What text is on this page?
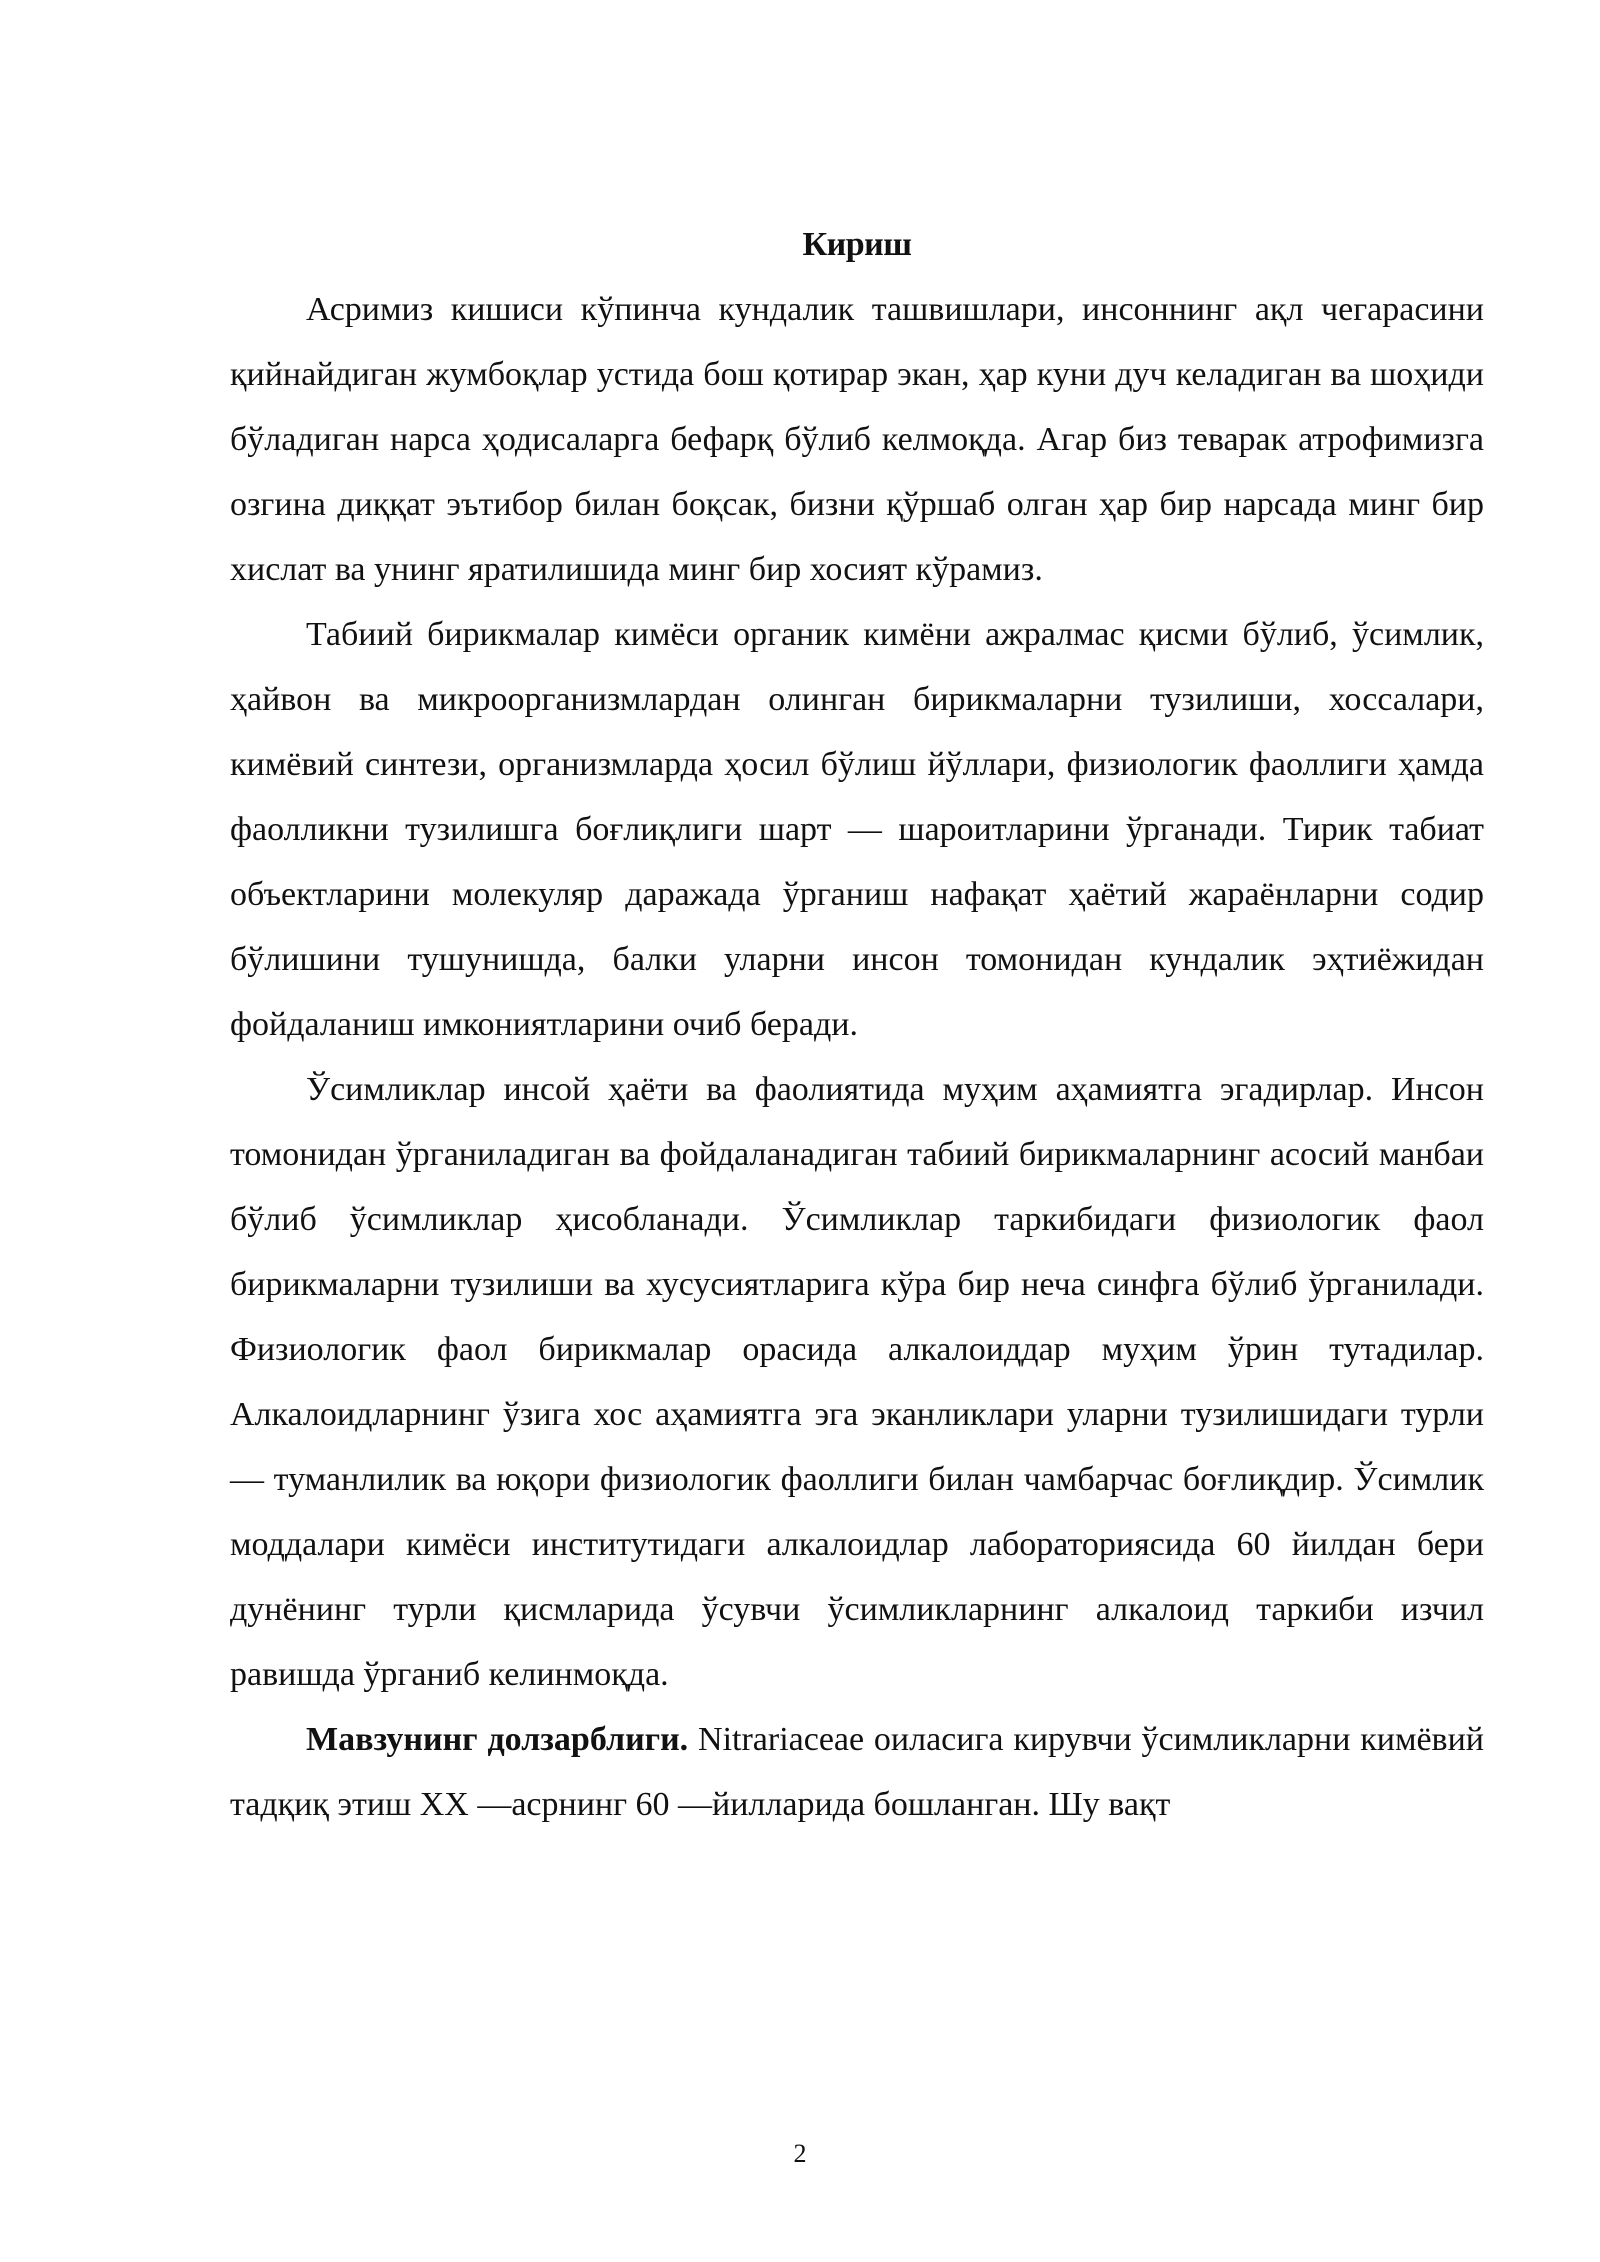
Кириш

Асримиз кишиси кўпинча кундалик ташвишлари, инсоннинг ақл чегарасини қийнайдиган жумбоқлар устида бош қотирар экан, ҳар куни дуч келадиган ва шоҳиди бўладиган нарса ҳодисаларга бефарқ бўлиб келмоқда. Агар биз теварак атрофимизга озгина диққат эътибор билан боқсак, бизни қўршаб олган ҳар бир нарсада минг бир хислат ва унинг яратилишида минг бир хосият кўрамиз.

Табиий бирикмалар кимёси органик кимёни ажралмас қисми бўлиб, ўсимлик, ҳайвон ва микроорганизмлардан олинган бирикмаларни тузилиши, хоссалари, кимёвий синтези, организмларда ҳосил бўлиш йўллари, физиологик фаоллиги ҳамда фаолликни тузилишга боғлиқлиги шарт — шароитларини ўрганади. Тирик табиат объектларини молекуляр даражада ўрганиш нафақат ҳаётий жараёнларни содир бўлишини тушунишда, балки уларни инсон томонидан кундалик эҳтиёжидан фойдаланиш имкониятларини очиб беради.

Ўсимликлар инсой ҳаёти ва фаолиятида муҳим аҳамиятга эгадирлар. Инсон томонидан ўрганиладиган ва фойдаланадиган табиий бирикмаларнинг асосий манбаи бўлиб ўсимликлар ҳисобланади. Ўсимликлар таркибидаги физиологик фаол бирикмаларни тузилиши ва хусусиятларига кўра бир неча синфга бўлиб ўрганилади. Физиологик фаол бирикмалар орасида алкалоиддар муҳим ўрин тутадилар. Алкалоидларнинг ўзига хос аҳамиятга эга эканликлари уларни тузилишидаги турли — туманлилик ва юқори физиологик фаоллиги билан чамбарчас боғлиқдир. Ўсимлик моддалари кимёси институтидаги алкалоидлар лабораториясида 60 йилдан бери дунёнинг турли қисмларида ўсувчи ўсимликларнинг алкалоид таркиби изчил равишда ўрганиб келинмоқда.

Мавзунинг долзарблиги. Nitrariaceae оиласига кирувчи ўсимликларни кимёвий тадқиқ этиш XX —асрнинг 60 —йилларида бошланган. Шу вақт

2
